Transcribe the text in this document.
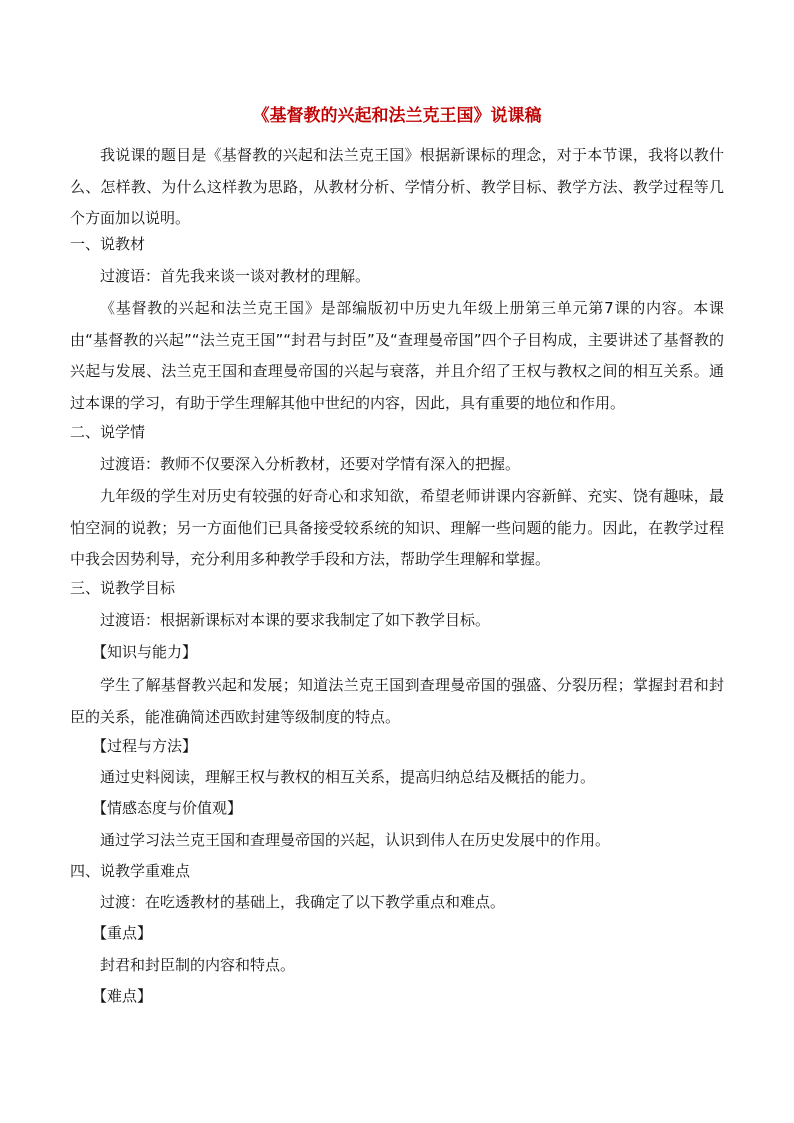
《基督教的兴起和法兰克王国》说课稿

我说课的题目是《基督教的兴起和法兰克王国》根据新课标的理念，对于本节课，我将以教什么、怎样教、为什么这样教为思路，从教材分析、学情分析、教学目标、教学方法、教学过程等几个方面加以说明。

一、说教材
过渡语：首先我来谈一谈对教材的理解。

《基督教的兴起和法兰克王国》是部编版初中历史九年级上册第三单元第7课的内容。本课由“基督教的兴起”“法兰克王国”“封君与封臣”及“查理曼帝国”四个子目构成，主要讲述了基督教的兴起与发展、法兰克王国和查理曼帝国的兴起与衰落，并且介绍了王权与教权之间的相互关系。通过本课的学习，有助于学生理解其他中世纪的内容，因此，具有重要的地位和作用。

二、说学情
过渡语：教师不仅要深入分析教材，还要对学情有深入的把握。

九年级的学生对历史有较强的好奇心和求知欲，希望老师讲课内容新鲜、充实、饶有趣味，最怕空洞的说教；另一方面他们已具备接受较系统的知识、理解一些问题的能力。因此，在教学过程中我会因势利导，充分利用多种教学手段和方法，帮助学生理解和掌握。

三、说教学目标
过渡语：根据新课标对本课的要求我制定了如下教学目标。
【知识与能力】

学生了解基督教兴起和发展；知道法兰克王国到查理曼帝国的强盛、分裂历程；掌握封君和封臣的关系，能准确简述西欧封建等级制度的特点。

【过程与方法】
通过史料阅读，理解王权与教权的相互关系，提高归纳总结及概括的能力。
【情感态度与价值观】
通过学习法兰克王国和查理曼帝国的兴起，认识到伟人在历史发展中的作用。
四、说教学重难点
过渡：在吃透教材的基础上，我确定了以下教学重点和难点。
【重点】
封君和封臣制的内容和特点。
【难点】
